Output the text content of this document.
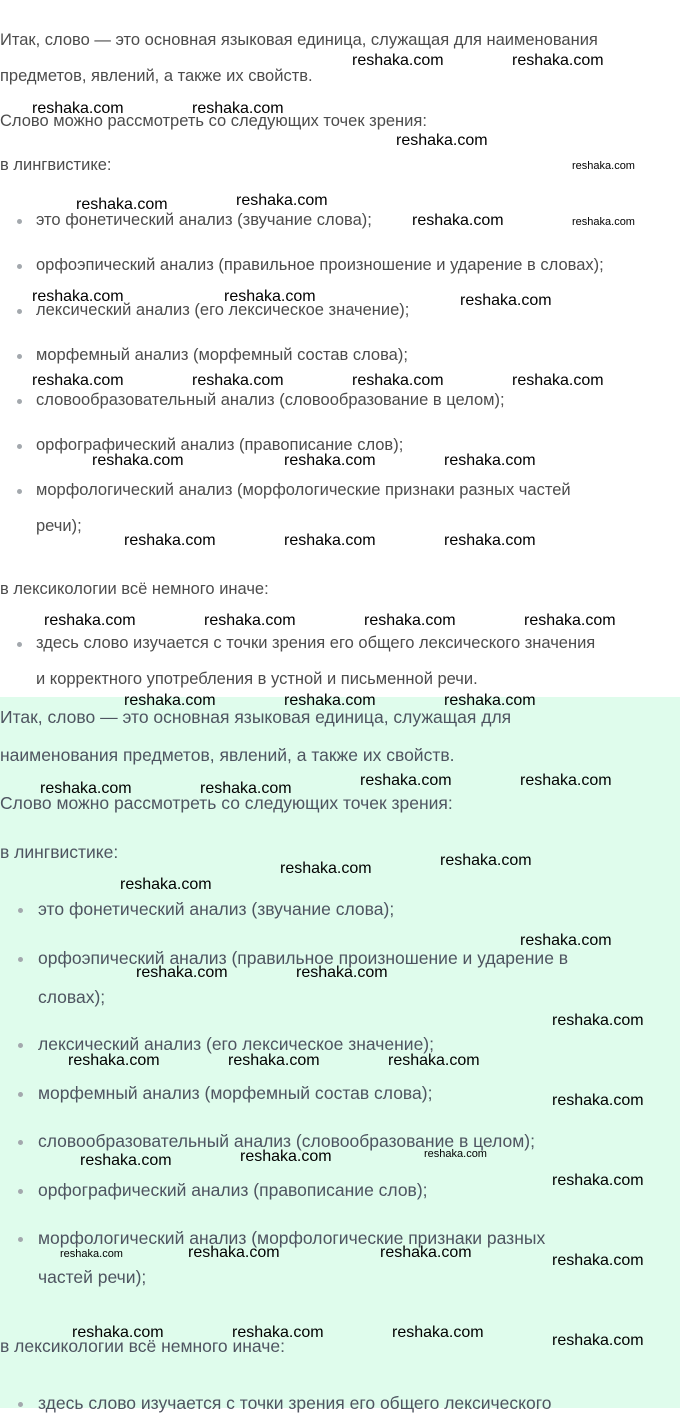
Итак, слово — это основная языковая единица, служащая для наименования
предметов, явлений, а также их свойств.
Слово можно рассмотреть со следующих точек зрения:
в лингвистике:
это фонетический анализ (звучание слова);
орфоэпический анализ (правильное произношение и ударение в словах);
лексический анализ (его лексическое значение);
морфемный анализ (морфемный состав слова);
словообразовательный анализ (словообразование в целом);
орфографический анализ (правописание слов);
морфологический анализ (морфологические признаки разных частей
речи);
в лексикологии всё немного иначе:
здесь слово изучается с точки зрения его общего лексического значения
и корректного употребления в устной и письменной речи.
Итак, слово — это основная языковая единица, служащая для
наименования предметов, явлений, а также их свойств.
Слово можно рассмотреть со следующих точек зрения:
в лингвистике:
это фонетический анализ (звучание слова);
орфоэпический анализ (правильное произношение и ударение в
словах);
лексический анализ (его лексическое значение);
морфемный анализ (морфемный состав слова);
словообразовательный анализ (словообразование в целом);
орфографический анализ (правописание слов);
морфологический анализ (морфологические признаки разных
частей речи);
в лексикологии всё немного иначе:
здесь слово изучается с точки зрения его общего лексического
reshaka.com	reshaka.com
reshaka.com	reshaka.com
reshaka.com
reshaka.com
reshaka.com	reshaka.com
reshaka.com	reshaka.com
reshaka.com	reshaka.com	reshaka.com
reshaka.com	reshaka.com	reshaka.com	reshaka.com
reshaka.com	reshaka.com	reshaka.com
reshaka.com	reshaka.com	reshaka.com
reshaka.com	reshaka.com	reshaka.com	reshaka.com
reshaka.com	reshaka.com	reshaka.com
reshaka.com	reshaka.com
reshaka.com	reshaka.com
reshaka.com
reshaka.com
reshaka.com
reshaka.com
reshaka.com	reshaka.com
reshaka.com
reshaka.com	reshaka.com	reshaka.com
reshaka.com
reshaka.com	reshaka.com
reshaka.com
reshaka.com
reshaka.com	reshaka.com	reshaka.com	reshaka.com
reshaka.com	reshaka.com	reshaka.com	reshaka.com
